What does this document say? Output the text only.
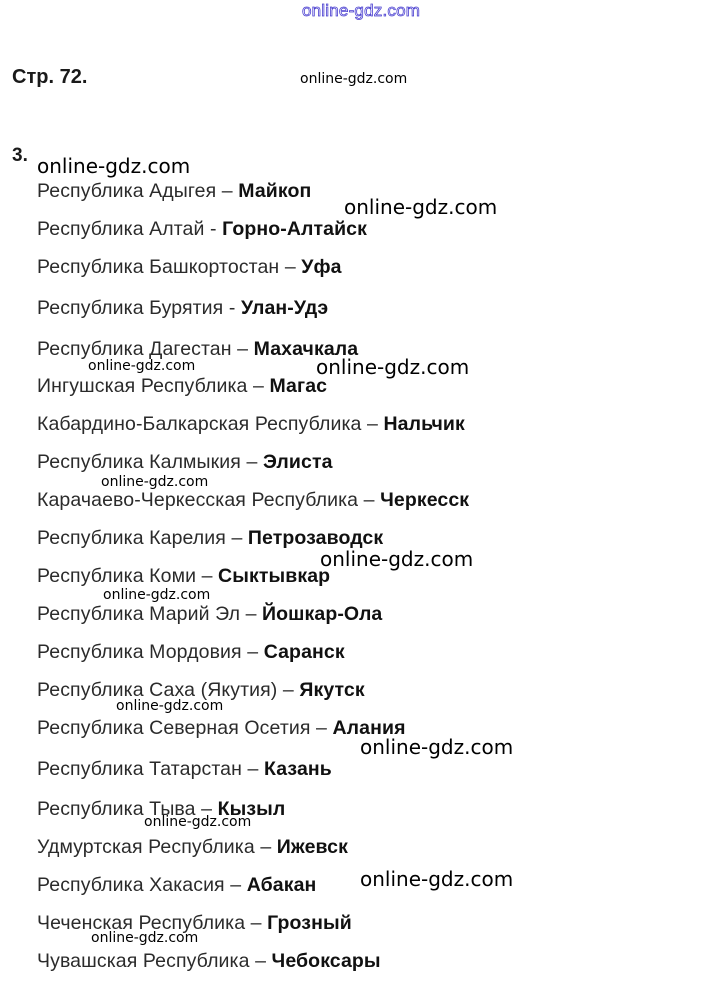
online-gdz.com
Стр. 72.
3.
online-gdz.com
online-gdz.com
online-gdz.com
online-gdz.com	online-gdz.com
online-gdz.com
online-gdz.com
online-gdz.com
online-gdz.com
online-gdz.com
online-gdz.com
online-gdz.com
online-gdz.com
Республика Адыгея – Майкоп
Республика Алтай - Горно-Алтайск
Республика Башкортостан – Уфа
Республика Бурятия - Улан-Удэ
Республика Дагестан – Махачкала
Ингушская Республика – Магас
Кабардино-Балкарская Республика – Нальчик
Республика Калмыкия – Элиста
Карачаево-Черкесская Республика – Черкесск
Республика Карелия – Петрозаводск
Республика Коми – Сыктывкар
Республика Марий Эл – Йошкар-Ола
Республика Мордовия – Саранск
Республика Саха (Якутия) – Якутск
Республика Северная Осетия – Алания
Республика Татарстан – Казань
Республика Тыва – Кызыл
Удмуртская Республика – Ижевск
Республика Хакасия – Абакан
Чеченская Республика – Грозный
Чувашская Республика – Чебоксары
